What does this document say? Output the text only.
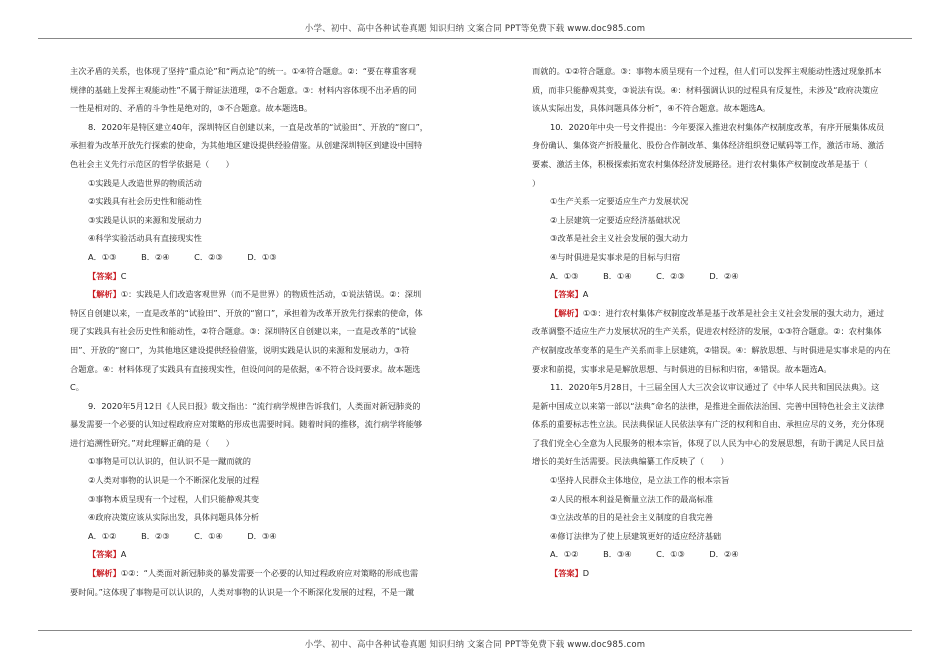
小学、初中、高中各种试卷真题 知识归纳 文案合同 PPT等免费下载 www.doc985.com
主次矛盾的关系，也体现了坚持“重点论”和“两点论”的统一。①④符合题意。②：“要在尊重客观
规律的基础上发挥主观能动性”不属于辩证法道理，②不合题意。③：材料内容体现不出矛盾的同
一性是相对的、矛盾的斗争性是绝对的，③不合题意。故本题选B。
8．2020年是特区建立40年，深圳特区自创建以来，一直是改革的“试验田”、开放的“窗口”，
承担着为改革开放先行探索的使命，为其他地区建设提供经验借鉴。从创建深圳特区到建设中国特
色社会主义先行示范区的哲学依据是（　　）
①实践是人改造世界的物质活动
②实践具有社会历史性和能动性
③实践是认识的来源和发展动力
④科学实验活动具有直接现实性
A．①③	B．②④	C．②③	D．①③
【答案】C
【解析】①：实践是人们改造客观世界（而不是世界）的物质性活动，①说法错误。②：深圳
特区自创建以来，一直是改革的“试验田”、开放的“窗口”，承担着为改革开放先行探索的使命，体
现了实践具有社会历史性和能动性，②符合题意。③：深圳特区自创建以来，一直是改革的“试验
田”、开放的“窗口”，为其他地区建设提供经验借鉴，说明实践是认识的来源和发展动力，③符
合题意。④：材料体现了实践具有直接现实性，但设问问的是依据，④不符合设问要求。故本题选
C。
9．2020年5月12日《人民日报》载文指出：“流行病学规律告诉我们，人类面对新冠肺炎的
暴发需要一个必要的认知过程政府应对策略的形成也需要时间。随着时间的推移，流行病学将能够
进行追溯性研究。”对此理解正确的是（　　）
①事物是可以认识的，但认识不是一蹴而就的
②人类对事物的认识是一个不断深化发展的过程
③事物本质呈现有一个过程，人们只能静观其变
④政府决策应该从实际出发，具体问题具体分析
A．①②	B．②③	C．①④	D．③④
【答案】A
【解析】①②：“人类面对新冠肺炎的暴发需要一个必要的认知过程政府应对策略的形成也需
要时间。”这体现了事物是可以认识的，人类对事物的认识是一个不断深化发展的过程，不是一蹴
而就的。①②符合题意。③：事物本质呈现有一个过程，但人们可以发挥主观能动性透过现象抓本
质，而非只能静观其变，③说法有误。④：材料强调认识的过程具有反复性，未涉及“政府决策应
该从实际出发，具体问题具体分析”，④不符合题意。故本题选A。
10．2020年中央一号文件提出：今年要深入推进农村集体产权制度改革，有序开展集体成员
身份确认、集体资产折股量化、股份合作制改革、集体经济组织登记赋码等工作，激活市场、激活
要素、激活主体，积极探索拓宽农村集体经济发展路径。进行农村集体产权制度改革是基于（
）
①生产关系一定要适应生产力发展状况
②上层建筑一定要适应经济基础状况
③改革是社会主义社会发展的强大动力
④与时俱进是实事求是的目标与归宿
A．①③	B．①④	C．②③	D．②④
【答案】A
【解析】①③：进行农村集体产权制度改革是基于改革是社会主义社会发展的强大动力，通过
改革调整不适应生产力发展状况的生产关系，促进农村经济的发展，①③符合题意。②：农村集体
产权制度改革变革的是生产关系而非上层建筑，②错误。④：解放思想、与时俱进是实事求是的内在
要求和前提，实事求是是解放思想、与时俱进的目标和归宿，④错误。故本题选A。
11．2020年5月28日，十三届全国人大三次会议审议通过了《中华人民共和国民法典》。这
是新中国成立以来第一部以“法典”命名的法律，是推进全面依法治国、完善中国特色社会主义法律
体系的重要标志性立法。民法典保证人民依法享有广泛的权利和自由、承担应尽的义务，充分体现
了我们党全心全意为人民服务的根本宗旨，体现了以人民为中心的发展思想，有助于满足人民日益
增长的美好生活需要。民法典编纂工作反映了（　　）
①坚持人民群众主体地位，是立法工作的根本宗旨
②人民的根本利益是衡量立法工作的最高标准
③立法改革的目的是社会主义制度的自我完善
④修订法律为了使上层建筑更好的适应经济基础
A．①②	B．③④	C．①③	D．②④
【答案】D
小学、初中、高中各种试卷真题 知识归纳 文案合同 PPT等免费下载 www.doc985.com
